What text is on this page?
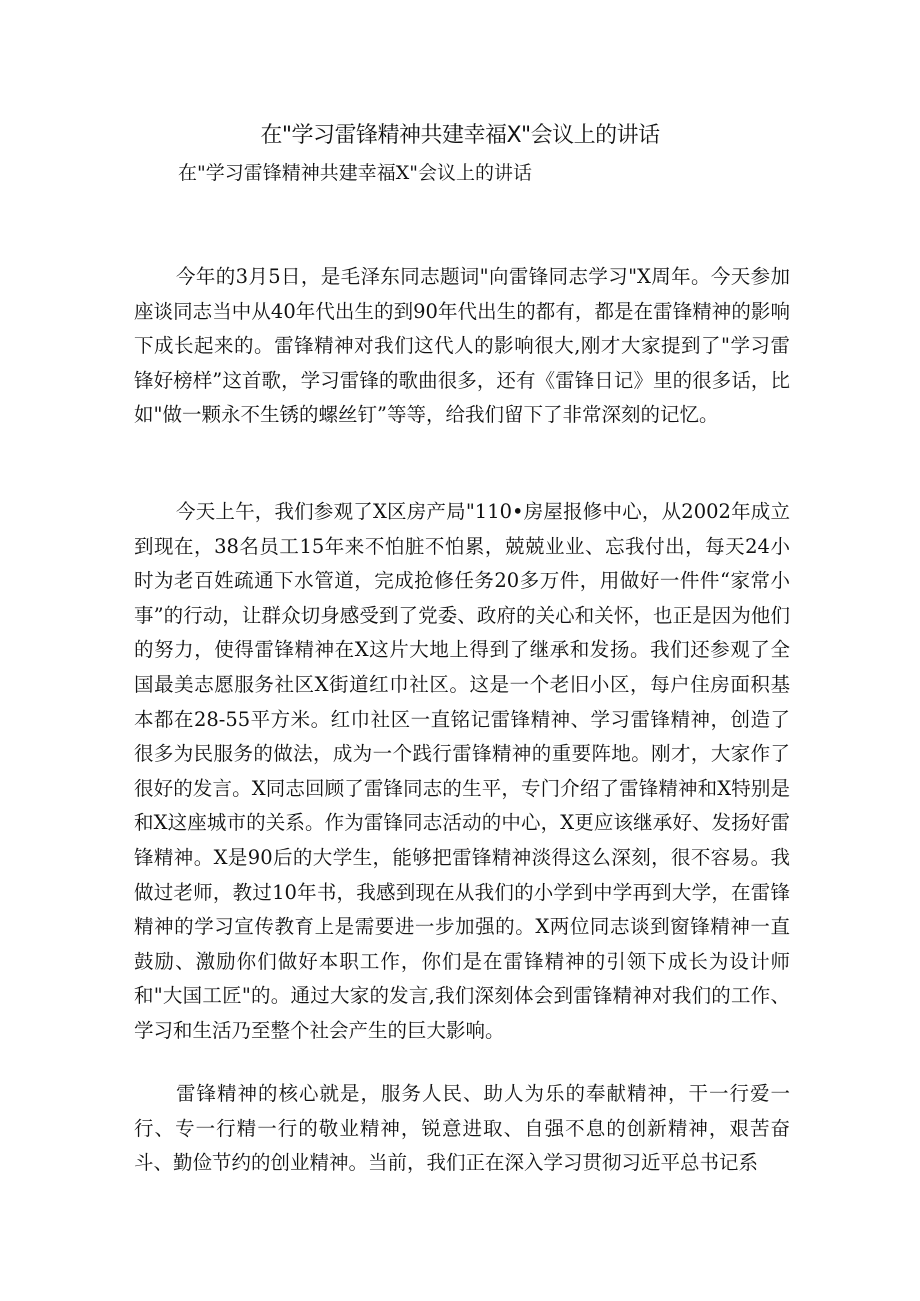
在"学习雷锋精神共建幸福X"会议上的讲话

在"学习雷锋精神共建幸福X"会议上的讲话

今年的3月5日，是毛泽东同志题词"向雷锋同志学习"X周年。今天参加座谈同志当中从40年代出生的到90年代出生的都有，都是在雷锋精神的影响下成长起来的。雷锋精神对我们这代人的影响很大,刚才大家提到了"学习雷锋好榜样”这首歌，学习雷锋的歌曲很多，还有《雷锋日记》里的很多话，比如"做一颗永不生锈的螺丝钉”等等，给我们留下了非常深刻的记忆。

今天上午，我们参观了X区房产局"110•房屋报修中心，从2002年成立到现在，38名员工15年来不怕脏不怕累，兢兢业业、忘我付出，每天24小时为老百姓疏通下水管道，完成抢修任务20多万件，用做好一件件“家常小事”的行动，让群众切身感受到了党委、政府的关心和关怀，也正是因为他们的努力，使得雷锋精神在X这片大地上得到了继承和发扬。我们还参观了全国最美志愿服务社区X街道红巾社区。这是一个老旧小区，每户住房面积基本都在28-55平方米。红巾社区一直铭记雷锋精神、学习雷锋精神，创造了很多为民服务的做法，成为一个践行雷锋精神的重要阵地。刚才，大家作了很好的发言。X同志回顾了雷锋同志的生平，专门介绍了雷锋精神和X特别是和X这座城市的关系。作为雷锋同志活动的中心，X更应该继承好、发扬好雷锋精神。X是90后的大学生，能够把雷锋精神淡得这么深刻，很不容易。我做过老师，教过10年书，我感到现在从我们的小学到中学再到大学，在雷锋精神的学习宣传教育上是需要进一步加强的。X两位同志谈到窗锋精神一直鼓励、激励你们做好本职工作，你们是在雷锋精神的引领下成长为设计师和"大国工匠"的。通过大家的发言,我们深刻体会到雷锋精神对我们的工作、学习和生活乃至整个社会产生的巨大影响。

雷锋精神的核心就是，服务人民、助人为乐的奉献精神，干一行爱一行、专一行精一行的敬业精神，锐意进取、自强不息的创新精神，艰苦奋斗、勤俭节约的创业精神。当前，我们正在深入学习贯彻习近平总书记系
